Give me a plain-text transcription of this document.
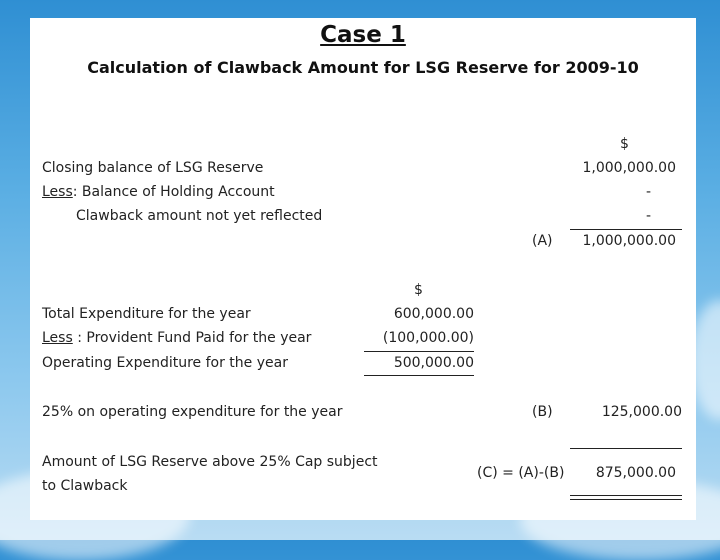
Case 1
Calculation of Clawback Amount for LSG Reserve for 2009-10
$
Closing balance of LSG Reserve	1,000,000.00
Less: Balance of Holding Account	-
Clawback amount not yet reflected	-
(A) 1,000,000.00
$
Total Expenditure for the year	600,000.00
Less : Provident Fund Paid for the year	(100,000.00)
Operating Expenditure for the year	500,000.00
25% on operating expenditure for the year	(B)	125,000.00
Amount of LSG Reserve above 25% Cap subject
to Clawback
(C) = (A)-(B) 875,000.00
